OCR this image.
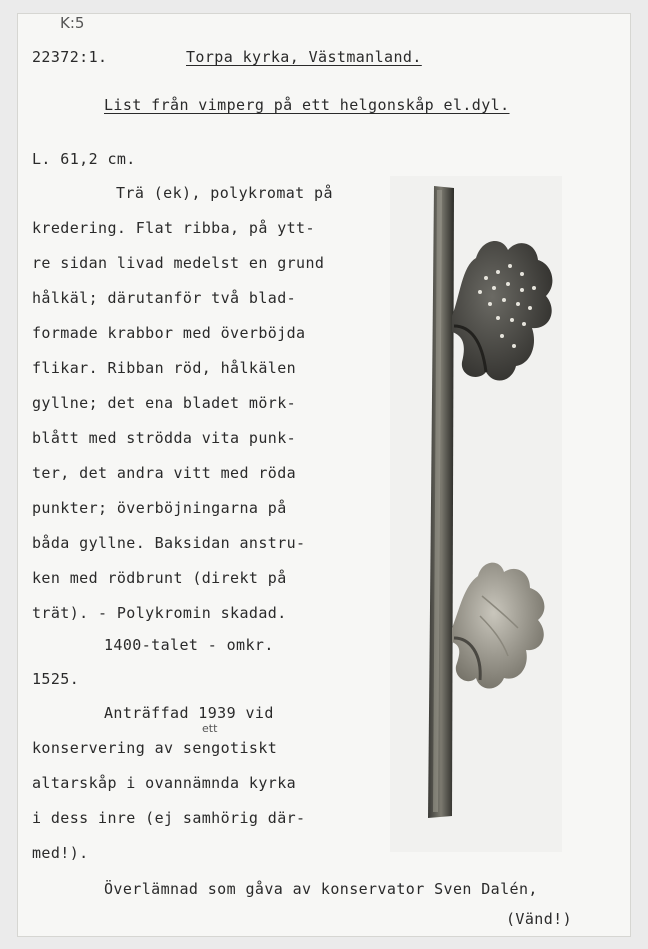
K:5
22372:1.	Torpa kyrka, Västmanland.
List från vimperg på ett helgonskåp el.dyl.
L. 61,2 cm.
Trä (ek), polykromat på
kredering. Flat ribba, på ytt-
re sidan livad medelst en grund
hålkäl; därutanför två blad-
formade krabbor med överböjda
flikar. Ribban röd, hålkälen
gyllne; det ena bladet mörk-
blått med strödda vita punk-
ter, det andra vitt med röda
punkter; överböjningarna på
båda gyllne. Baksidan anstru-
ken med rödbrunt (direkt på
trät). - Polykromin skadad.
1400-talet - omkr.
1525.
Anträffad 1939 vid
ett
konservering av sengotiskt
altarskåp i ovannämnda kyrka
i dess inre (ej samhörig där-
med!).
Överlämnad som gåva av konservator Sven Dalén,
(Vänd!)
